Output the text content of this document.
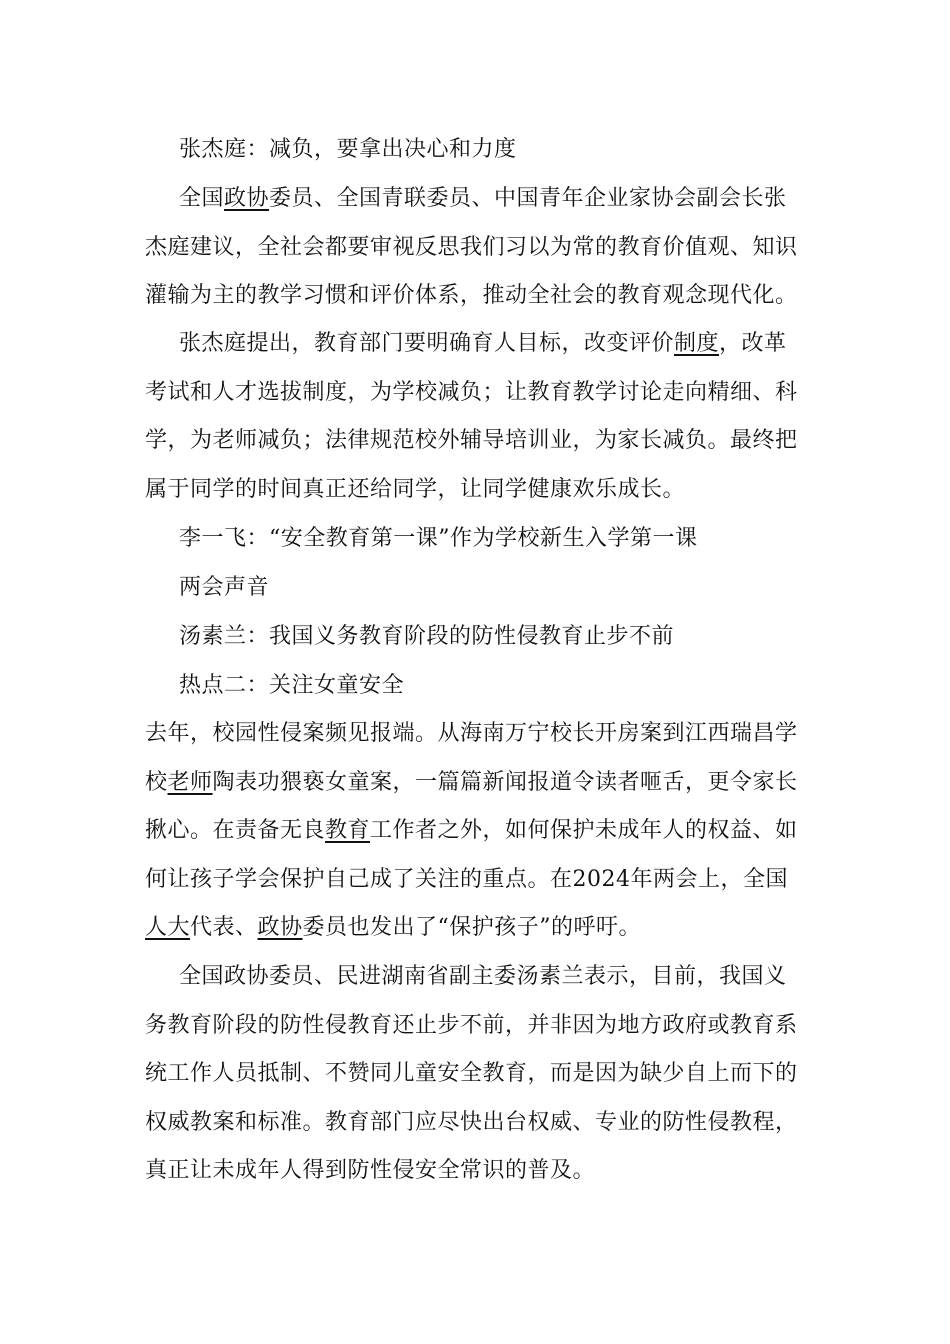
张杰庭：减负，要拿出决心和力度
全国政协委员、全国青联委员、中国青年企业家协会副会长张杰庭建议，全社会都要审视反思我们习以为常的教育价值观、知识灌输为主的教学习惯和评价体系，推动全社会的教育观念现代化。
张杰庭提出，教育部门要明确育人目标，改变评价制度，改革考试和人才选拔制度，为学校减负；让教育教学讨论走向精细、科学，为老师减负；法律规范校外辅导培训业，为家长减负。最终把属于同学的时间真正还给同学，让同学健康欢乐成长。
李一飞：“安全教育第一课”作为学校新生入学第一课
两会声音
汤素兰：我国义务教育阶段的防性侵教育止步不前
热点二：关注女童安全
去年，校园性侵案频见报端。从海南万宁校长开房案到江西瑞昌学校老师陶表功猥亵女童案，一篇篇新闻报道令读者咂舌，更令家长揪心。在责备无良教育工作者之外，如何保护未成年人的权益、如何让孩子学会保护自己成了关注的重点。在2024年两会上，全国人大代表、政协委员也发出了“保护孩子”的呼吁。
全国政协委员、民进湖南省副主委汤素兰表示，目前，我国义务教育阶段的防性侵教育还止步不前，并非因为地方政府或教育系统工作人员抵制、不赞同儿童安全教育，而是因为缺少自上而下的权威教案和标准。教育部门应尽快出台权威、专业的防性侵教程，真正让未成年人得到防性侵安全常识的普及。
